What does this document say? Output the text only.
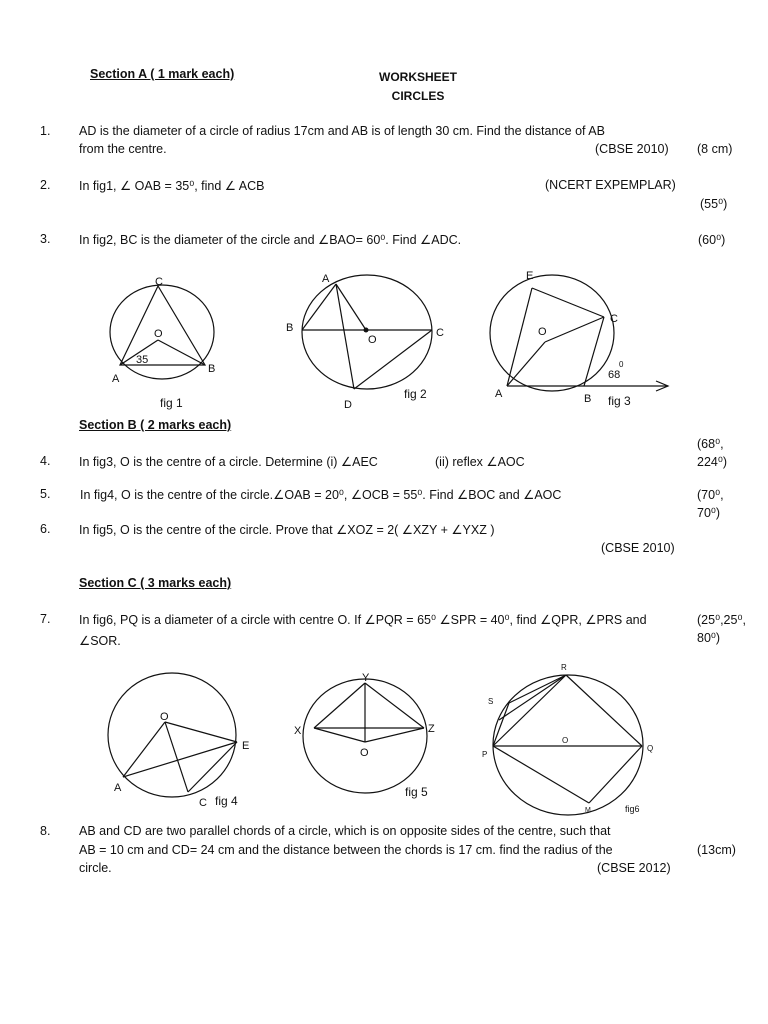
Section A ( 1 mark each)	WORKSHEET
CIRCLES
1.	AD is the diameter of a circle of radius 17cm and AB is of length 30 cm. Find the distance of AB
from the centre.	(CBSE 2010) (8 cm)
2.	In fig1, ∠ OAB = 35⁰, find ∠ ACB	(NCERT EXPEMPLAR)
(55⁰)
3.	In fig2, BC is the diameter of the circle and ∠BAO= 60⁰. Find ∠ADC.	(60⁰)
C
O
35
A
B
fig 1
A
B	C
O
D
fig 2
E
O
C
68
0
A	B fig 3
Section B ( 2 marks each)
(68⁰,
224⁰)
4.	In fig3, O is the centre of a circle. Determine (i) ∠AEC	(ii) reflex ∠AOC
5.	In fig4, O is the centre of the circle.∠OAB = 20⁰, ∠OCB = 55⁰. Find ∠BOC and ∠AOC	(70⁰,
70⁰)
6.	In fig5, O is the centre of the circle. Prove that ∠XOZ = 2( ∠XZY + ∠YXZ )
(CBSE 2010)
Section C ( 3 marks each)
7.	In fig6, PQ is a diameter of a circle with centre O. If ∠PQR = 65⁰ ∠SPR = 40⁰, find ∠QPR, ∠PRS and
∠SOR.
(25⁰,25⁰,
80⁰)
O
E
A
C fig 4
Y
X	Z
O
fig 5
R
S
P
O
Q
M	fig6
8.	AB and CD are two parallel chords of a circle, which is on opposite sides of the centre, such that
AB = 10 cm and CD= 24 cm and the distance between the chords is 17 cm. find the radius of the
circle.	(CBSE 2012)
(13cm)
